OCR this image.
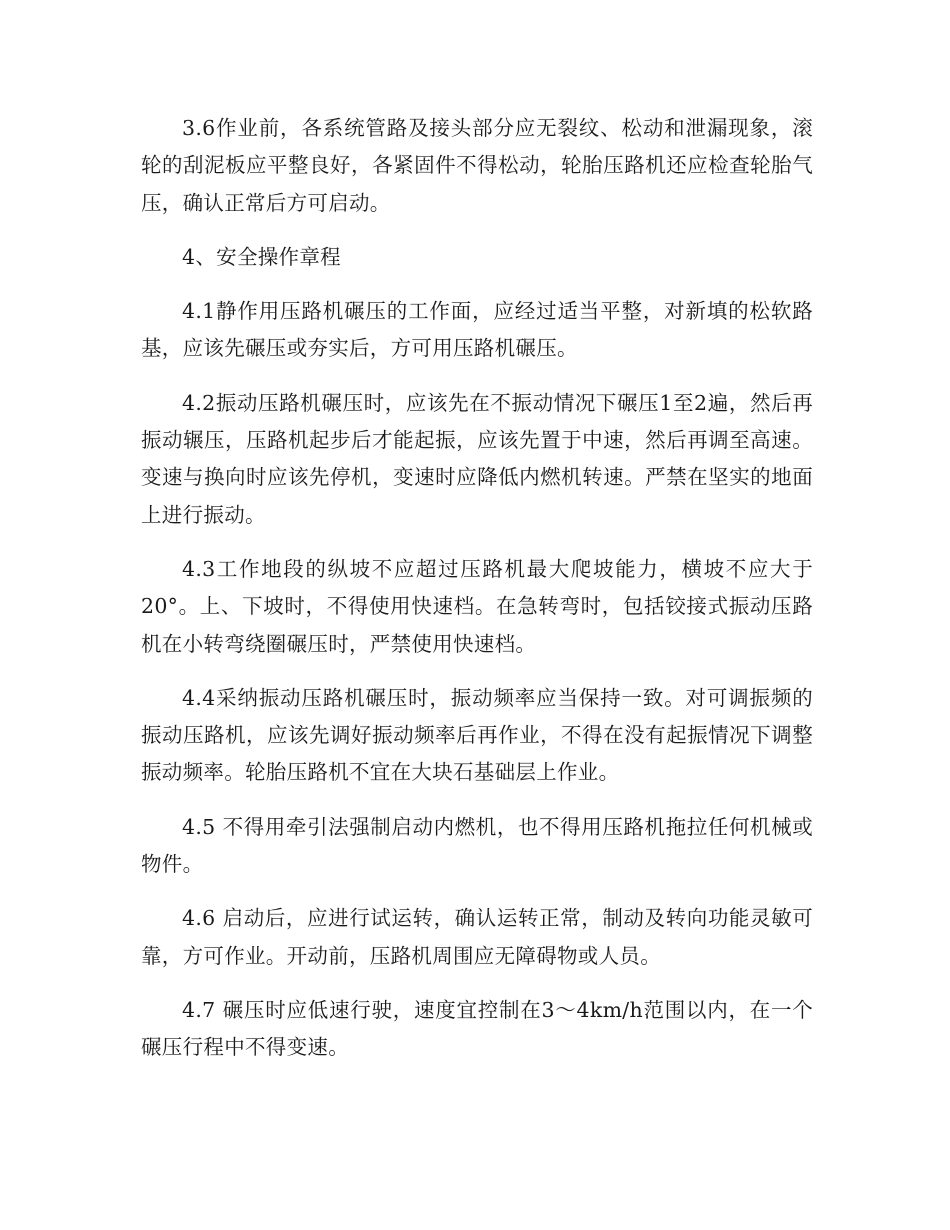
3.6作业前，各系统管路及接头部分应无裂纹、松动和泄漏现象，滚轮的刮泥板应平整良好，各紧固件不得松动，轮胎压路机还应检查轮胎气压，确认正常后方可启动。

4、安全操作章程

4.1静作用压路机碾压的工作面，应经过适当平整，对新填的松软路基，应该先碾压或夯实后，方可用压路机碾压。

4.2振动压路机碾压时，应该先在不振动情况下碾压1至2遍，然后再振动辗压，压路机起步后才能起振，应该先置于中速，然后再调至高速。变速与换向时应该先停机，变速时应降低内燃机转速。严禁在坚实的地面上进行振动。

4.3工作地段的纵坡不应超过压路机最大爬坡能力，横坡不应大于20°。上、下坡时，不得使用快速档。在急转弯时，包括铰接式振动压路机在小转弯绕圈碾压时，严禁使用快速档。

4.4采纳振动压路机碾压时，振动频率应当保持一致。对可调振频的振动压路机，应该先调好振动频率后再作业，不得在没有起振情况下调整振动频率。轮胎压路机不宜在大块石基础层上作业。

4.5 不得用牵引法强制启动内燃机，也不得用压路机拖拉任何机械或物件。

4.6 启动后，应进行试运转，确认运转正常，制动及转向功能灵敏可靠，方可作业。开动前，压路机周围应无障碍物或人员。

4.7 碾压时应低速行驶，速度宜控制在3～4km/h范围以内，在一个碾压行程中不得变速。
